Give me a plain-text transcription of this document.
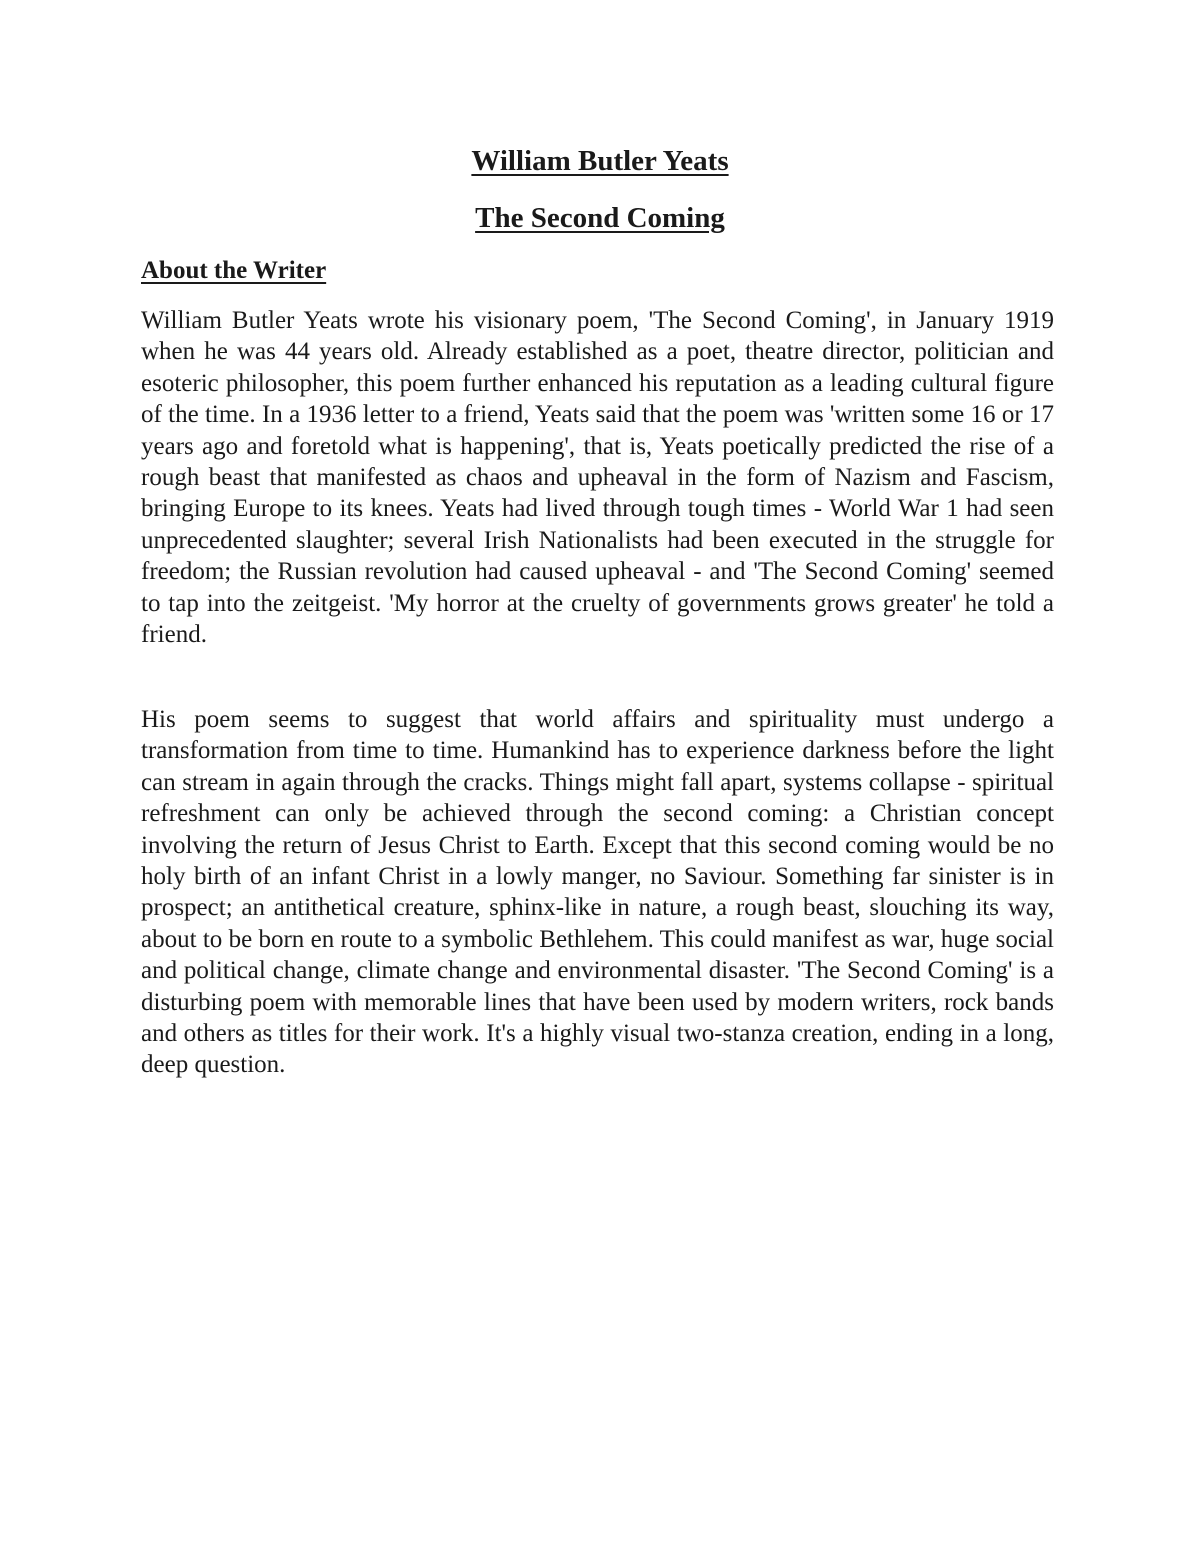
William Butler Yeats
The Second Coming
About the Writer

William Butler Yeats wrote his visionary poem, 'The Second Coming', in January 1919 when he was 44 years old. Already established as a poet, theatre director, politician and esoteric philosopher, this poem further enhanced his reputation as a leading cultural figure of the time. In a 1936 letter to a friend, Yeats said that the poem was 'written some 16 or 17 years ago and foretold what is happening', that is, Yeats poetically predicted the rise of a rough beast that manifested as chaos and upheaval in the form of Nazism and Fascism, bringing Europe to its knees. Yeats had lived through tough times - World War 1 had seen unprecedented slaughter; several Irish Nationalists had been executed in the struggle for freedom; the Russian revolution had caused upheaval - and 'The Second Coming' seemed to tap into the zeitgeist. 'My horror at the cruelty of governments grows greater' he told a friend.

His poem seems to suggest that world affairs and spirituality must undergo a transformation from time to time. Humankind has to experience darkness before the light can stream in again through the cracks. Things might fall apart, systems collapse - spiritual refreshment can only be achieved through the second coming: a Christian concept involving the return of Jesus Christ to Earth. Except that this second coming would be no holy birth of an infant Christ in a lowly manger, no Saviour. Something far sinister is in prospect; an antithetical creature, sphinx-like in nature, a rough beast, slouching its way, about to be born en route to a symbolic Bethlehem. This could manifest as war, huge social and political change, climate change and environmental disaster. 'The Second Coming' is a disturbing poem with memorable lines that have been used by modern writers, rock bands and others as titles for their work. It's a highly visual two-stanza creation, ending in a long, deep question.
